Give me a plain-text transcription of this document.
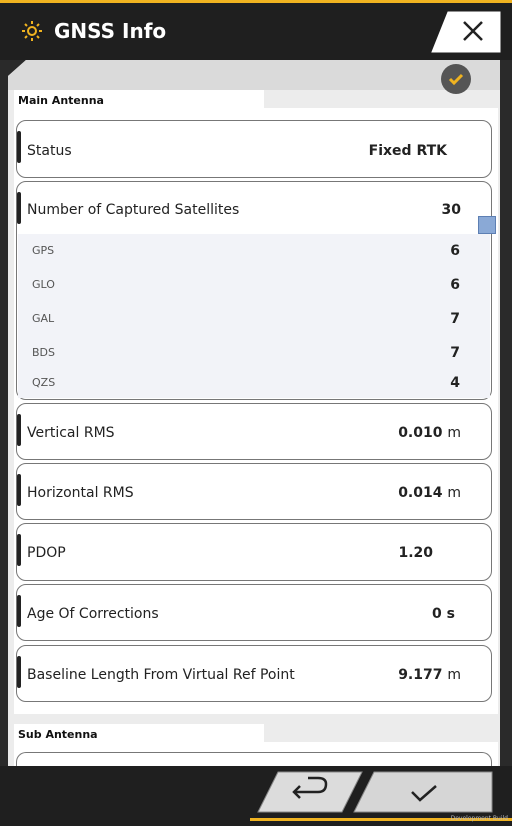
GNSS Info
Main Antenna
Status	Fixed RTK
Number of Captured Satellites	30
GPS	6
GLO	6
GAL	7
BDS	7
QZS	4
Vertical RMS	0.010 m
Horizontal RMS	0.014 m
PDOP	1.20
Age Of Corrections	0 s
Baseline Length From Virtual Ref Point	9.177 m
Sub Antenna
Development Build
